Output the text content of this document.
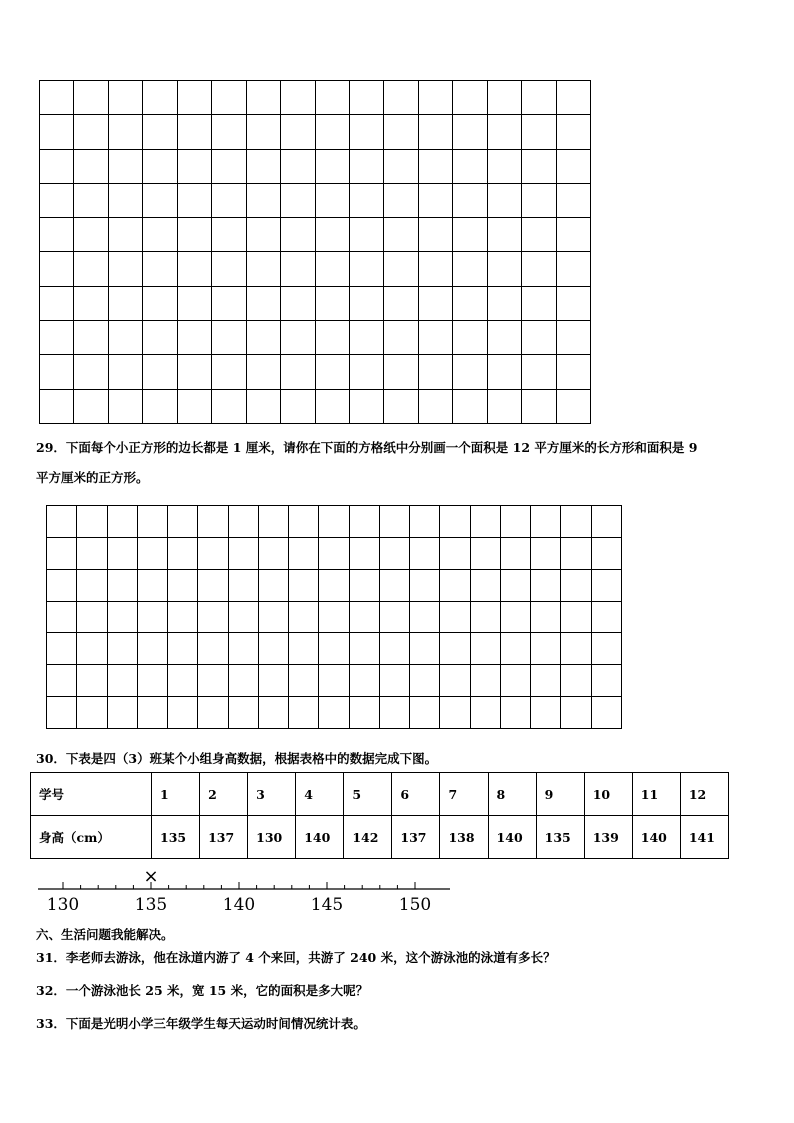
29．下面每个小正方形的边长都是 1 厘米，请你在下面的方格纸中分别画一个面积是 12 平方厘米的长方形和面积是 9
平方厘米的正方形。

30．下表是四（3）班某个小组身高数据，根据表格中的数据完成下图。
学号	1	2	3	4	5	6	7	8	9	10	11	12
身高（cm）	135	137	130	140	142	137	138	140	135	139	140	141
130	135	140	145	150
×
六、生活问题我能解决。
31．李老师去游泳，他在泳道内游了 4 个来回，共游了 240 米，这个游泳池的泳道有多长？
32．一个游泳池长 25 米，宽 15 米，它的面积是多大呢？
33．下面是光明小学三年级学生每天运动时间情况统计表。
